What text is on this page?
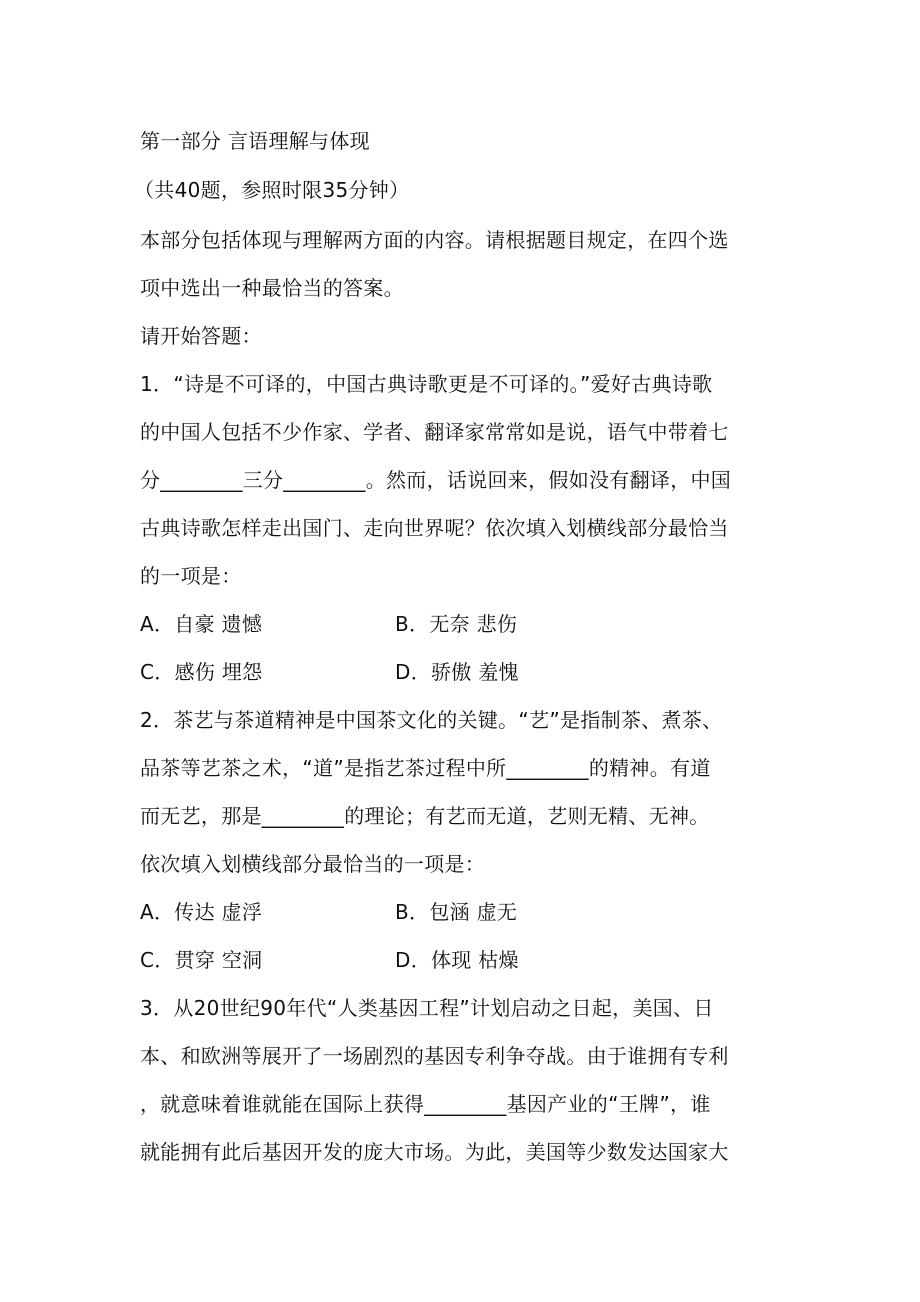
第一部分 言语理解与体现
（共40题，参照时限35分钟）
本部分包括体现与理解两方面的内容。请根据题目规定，在四个选
项中选出一种最恰当的答案。
请开始答题：
1．“诗是不可译的，中国古典诗歌更是不可译的。”爱好古典诗歌
的中国人包括不少作家、学者、翻译家常常如是说，语气中带着七
分________三分________。然而，话说回来，假如没有翻译，中国
古典诗歌怎样走出国门、走向世界呢？依次填入划横线部分最恰当
的一项是：
A．自豪 遗憾	B．无奈 悲伤
C．感伤 埋怨	D．骄傲 羞愧
2．茶艺与茶道精神是中国茶文化的关键。“艺”是指制茶、煮茶、
品茶等艺茶之术，“道”是指艺茶过程中所________的精神。有道
而无艺，那是________的理论；有艺而无道，艺则无精、无神。
依次填入划横线部分最恰当的一项是：
A．传达 虚浮	B．包涵 虚无
C．贯穿 空洞	D．体现 枯燥
3．从20世纪90年代“人类基因工程”计划启动之日起，美国、日
本、和欧洲等展开了一场剧烈的基因专利争夺战。由于谁拥有专利
，就意味着谁就能在国际上获得________基因产业的“王牌”，谁
就能拥有此后基因开发的庞大市场。为此，美国等少数发达国家大
